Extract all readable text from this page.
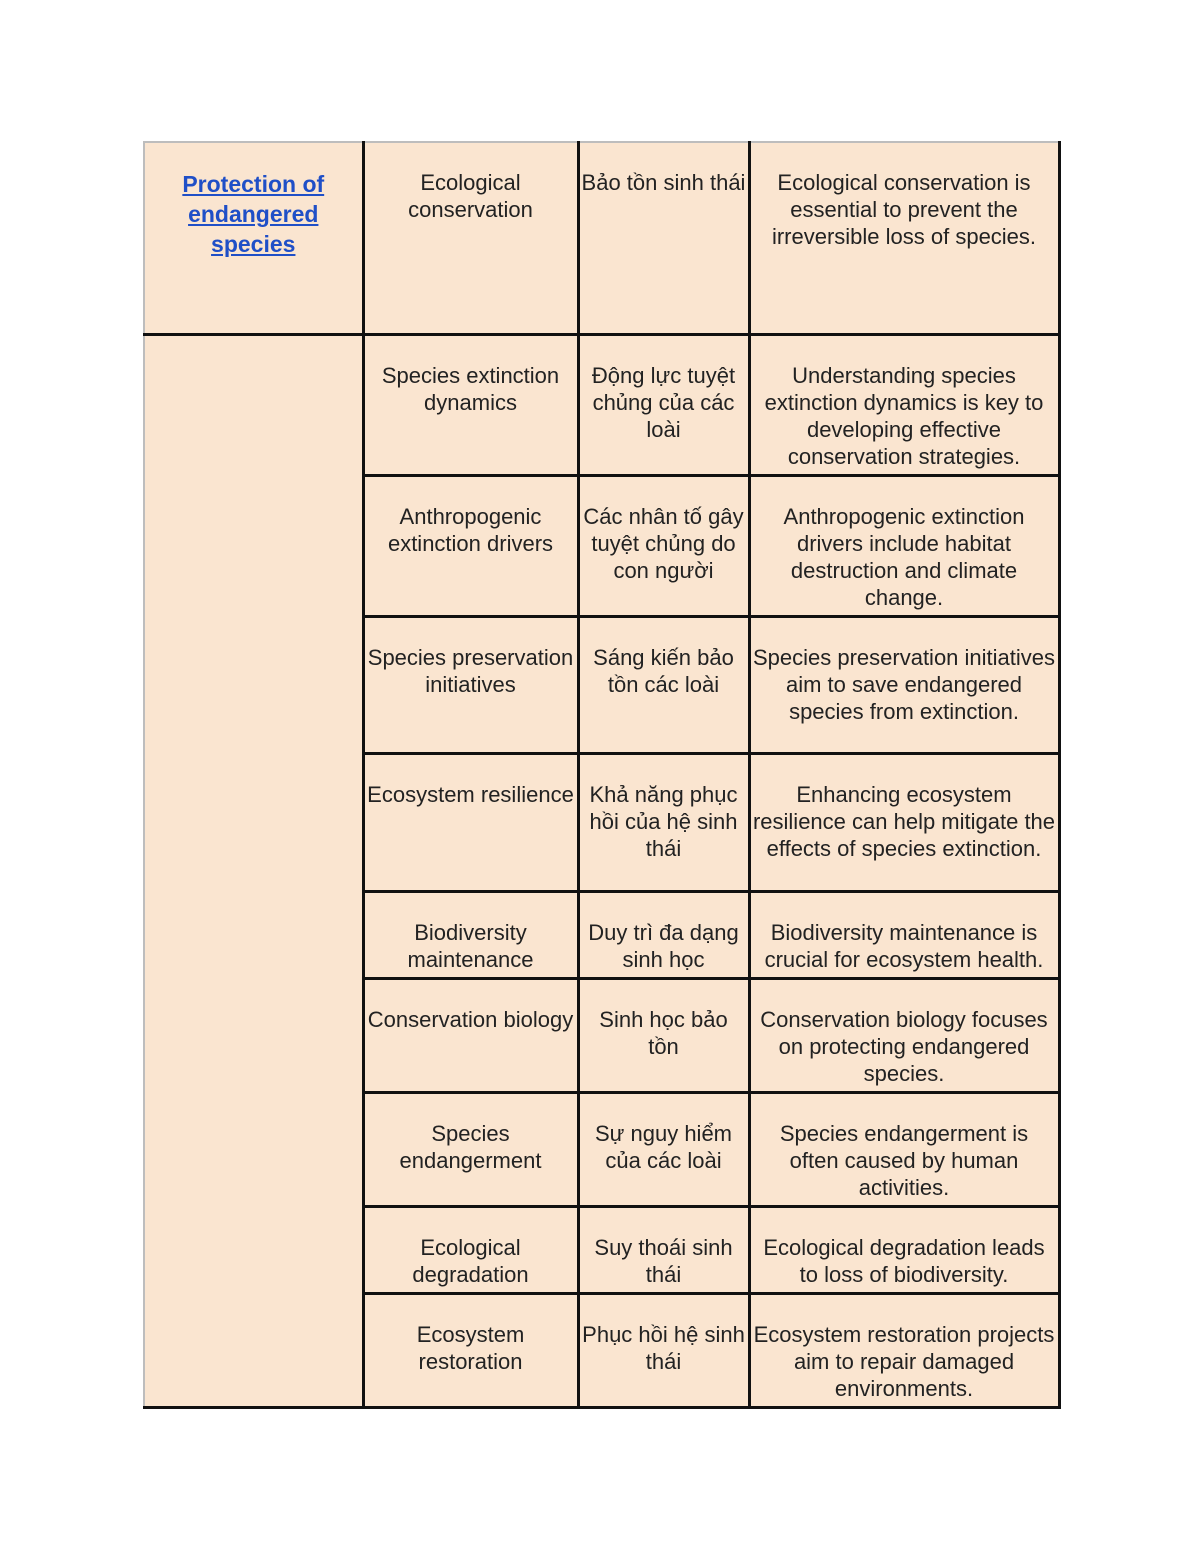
Protection of endangered species	Ecological conservation	Bảo tồn sinh thái	Ecological conservation is essential to prevent the irreversible loss of species.
	Species extinction dynamics	Động lực tuyệt chủng của các loài	Understanding species extinction dynamics is key to developing effective conservation strategies.
	Anthropogenic extinction drivers	Các nhân tố gây tuyệt chủng do con người	Anthropogenic extinction drivers include habitat destruction and climate change.
	Species preservation initiatives	Sáng kiến bảo tồn các loài	Species preservation initiatives aim to save endangered species from extinction.
	Ecosystem resilience	Khả năng phục hồi của hệ sinh thái	Enhancing ecosystem resilience can help mitigate the effects of species extinction.
	Biodiversity maintenance	Duy trì đa dạng sinh học	Biodiversity maintenance is crucial for ecosystem health.
	Conservation biology	Sinh học bảo tồn	Conservation biology focuses on protecting endangered species.
	Species endangerment	Sự nguy hiểm của các loài	Species endangerment is often caused by human activities.
	Ecological degradation	Suy thoái sinh thái	Ecological degradation leads to loss of biodiversity.
	Ecosystem restoration	Phục hồi hệ sinh thái	Ecosystem restoration projects aim to repair damaged environments.
